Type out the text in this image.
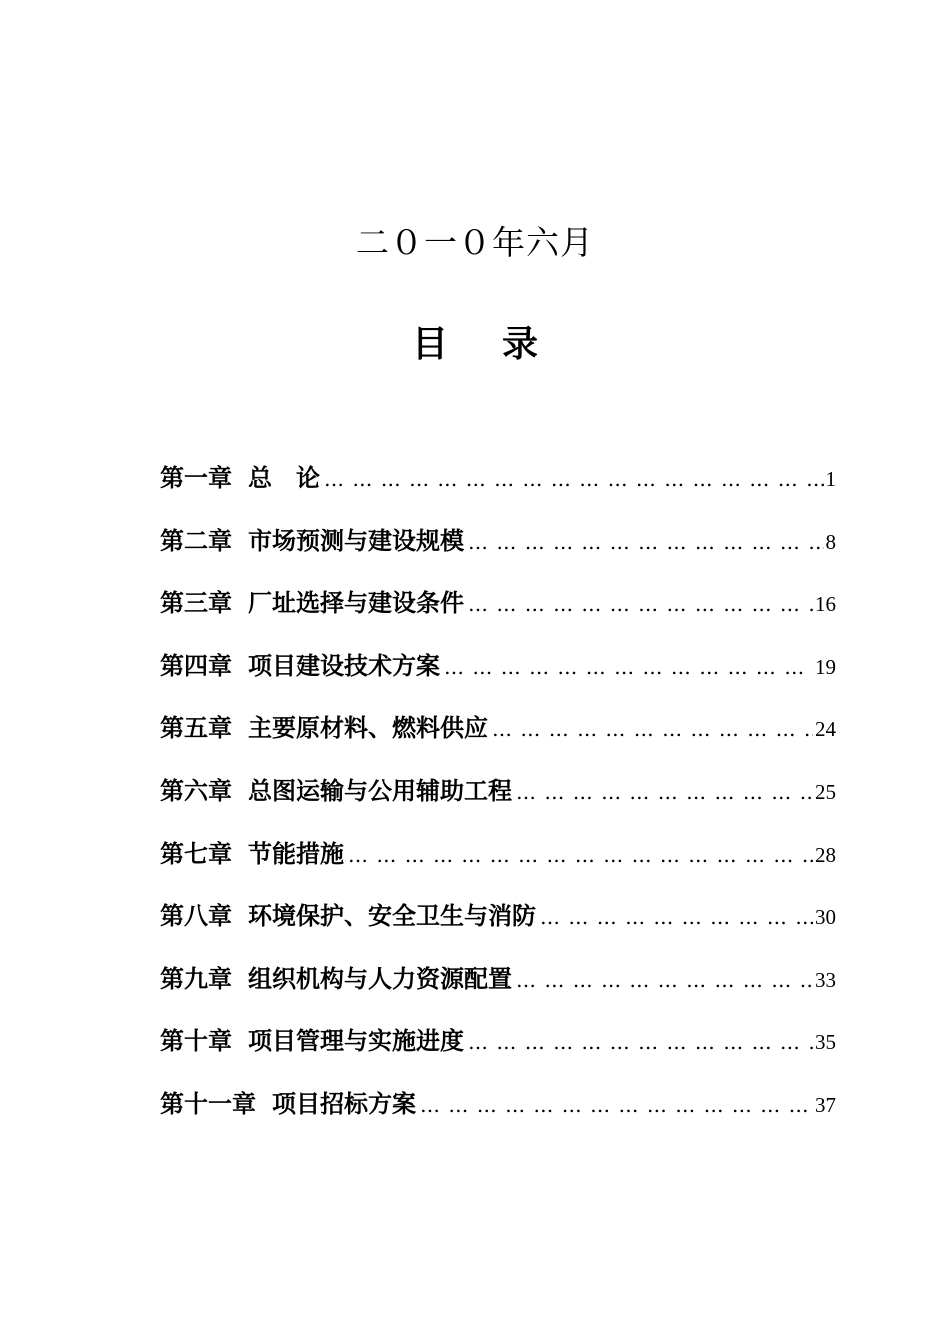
二０一０年六月
目 录
第一章 总　论 … … … … … … … … … … … … … … … … … … … … … … … … … … … … … … … … … … … … … … … … … … … … …	1
第二章 市场预测与建设规模 … … … … … … … … … … … … … … … … … … … … … … … … … … … … … … … … … … … … … … … … … … … … …	8
第三章 厂址选择与建设条件 … … … … … … … … … … … … … … … … … … … … … … … … … … … … … … … … … … … … … … … … … … … … …	16
第四章 项目建设技术方案 … … … … … … … … … … … … … … … … … … … … … … … … … … … … … … … … … … … … … … … … … … … … …	19
第五章 主要原材料、燃料供应 … … … … … … … … … … … … … … … … … … … … … … … … … … … … … … … … … … … … … … … … … … … … …	24
第六章 总图运输与公用辅助工程 … … … … … … … … … … … … … … … … … … … … … … … … … … … … … … … … … … … … … … … … … … … … …	25
第七章 节能措施 … … … … … … … … … … … … … … … … … … … … … … … … … … … … … … … … … … … … … … … … … … … … …	28
第八章 环境保护、安全卫生与消防 … … … … … … … … … … … … … … … … … … … … … … … … … … … … … … … … … … … … … … … … … … … … …	30
第九章 组织机构与人力资源配置 … … … … … … … … … … … … … … … … … … … … … … … … … … … … … … … … … … … … … … … … … … … … …	33
第十章 项目管理与实施进度 … … … … … … … … … … … … … … … … … … … … … … … … … … … … … … … … … … … … … … … … … … … … …	35
第十一章 项目招标方案 … … … … … … … … … … … … … … … … … … … … … … … … … … … … … … … … … … … … … … … … … … … … …	37
